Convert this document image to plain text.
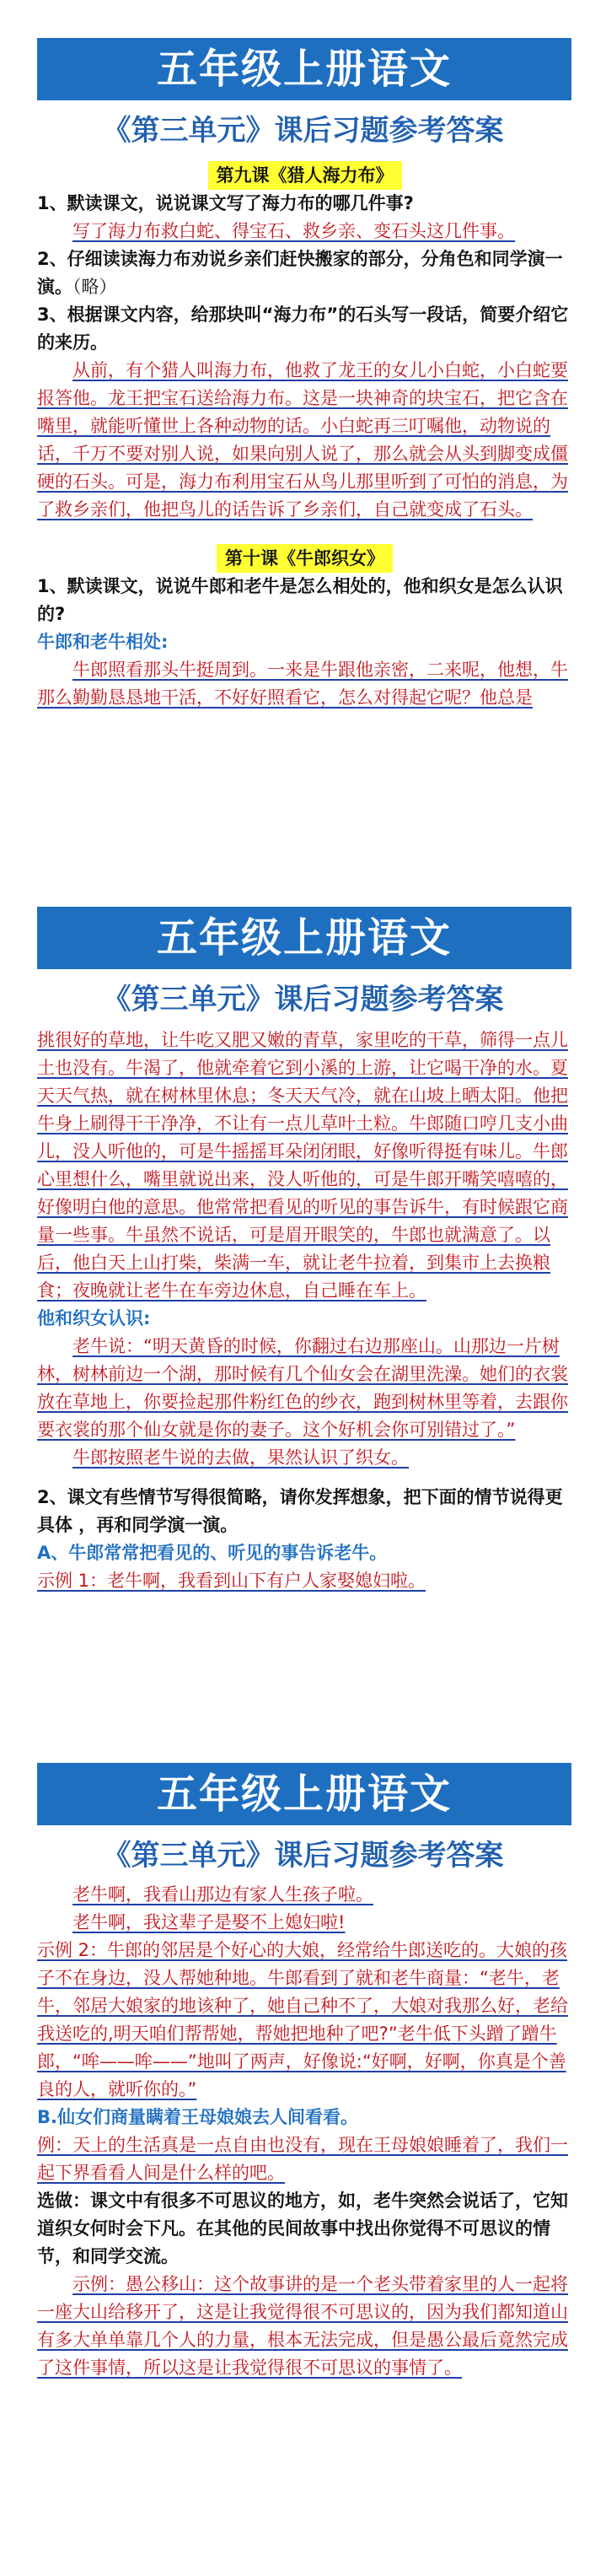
五年级上册语文
《第三单元》课后习题参考答案
第九课《猎人海力布》

1、默读课文，说说课文写了海力布的哪几件事?

写了海力布救白蛇、得宝石、救乡亲、变石头这几件事。

2、仔细读读海力布劝说乡亲们赶快搬家的部分，分角色和同学演一演。（略）

3、根据课文内容，给那块叫“海力布”的石头写一段话，简要介绍它的来历。

从前，有个猎人叫海力布，他救了龙王的女儿小白蛇，小白蛇要报答他。龙王把宝石送给海力布。这是一块神奇的块宝石，把它含在嘴里，就能听懂世上各种动物的话。小白蛇再三叮嘱他，动物说的话，千万不要对别人说，如果向别人说了，那么就会从头到脚变成僵硬的石头。可是，海力布利用宝石从鸟儿那里听到了可怕的消息，为了救乡亲们，他把鸟儿的话告诉了乡亲们，自己就变成了石头。

第十课《牛郎织女》

1、默读课文，说说牛郎和老牛是怎么相处的，他和织女是怎么认识的?

牛郎和老牛相处:

牛郎照看那头牛挺周到。一来是牛跟他亲密，二来呢，他想，牛那么勤勤恳恳地干活，不好好照看它，怎么对得起它呢？他总是

五年级上册语文
《第三单元》课后习题参考答案

挑很好的草地，让牛吃又肥又嫩的青草，家里吃的干草，筛得一点儿土也没有。牛渴了，他就牵着它到小溪的上游，让它喝干净的水。夏天天气热，就在树林里休息；冬天天气冷，就在山坡上晒太阳。他把牛身上刷得干干净净，不让有一点儿草叶土粒。牛郎随口哼几支小曲儿，没人听他的，可是牛摇摇耳朵闭闭眼，好像听得挺有味儿。牛郎心里想什么，嘴里就说出来，没人听他的，可是牛郎开嘴笑嘻嘻的，好像明白他的意思。他常常把看见的听见的事告诉牛，有时候跟它商量一些事。牛虽然不说话，可是眉开眼笑的，牛郎也就满意了。以后，他白天上山打柴，柴满一车，就让老牛拉着，到集市上去换粮食；夜晚就让老牛在车旁边休息，自己睡在车上。

他和织女认识:

老牛说：“明天黄昏的时候，你翻过右边那座山。山那边一片树林，树林前边一个湖，那时候有几个仙女会在湖里洗澡。她们的衣裳放在草地上，你要捡起那件粉红色的纱衣，跑到树林里等着，去跟你要衣裳的那个仙女就是你的妻子。这个好机会你可别错过了。”

牛郎按照老牛说的去做，果然认识了织女。

2、课文有些情节写得很简略，请你发挥想象，把下面的情节说得更具体 ，再和同学演一演。

A、牛郎常常把看见的、听见的事告诉老牛。

示例 1：老牛啊，我看到山下有户人家娶媳妇啦。

五年级上册语文
《第三单元》课后习题参考答案

老牛啊，我看山那边有家人生孩子啦。

老牛啊，我这辈子是娶不上媳妇啦!

示例 2：牛郎的邻居是个好心的大娘，经常给牛郎送吃的。大娘的孩子不在身边，没人帮她种地。牛郎看到了就和老牛商量：“老牛，老牛，邻居大娘家的地该种了，她自己种不了，大娘对我那么好，老给我送吃的,明天咱们帮帮她，帮她把地种了吧?”老牛低下头蹭了蹭牛郎，“哞——哞——”地叫了两声，好像说:“好啊，好啊，你真是个善良的人，就听你的。”

B.仙女们商量瞒着王母娘娘去人间看看。

例：天上的生活真是一点自由也没有，现在王母娘娘睡着了，我们一起下界看看人间是什么样的吧。

选做：课文中有很多不可思议的地方，如，老牛突然会说话了，它知道织女何时会下凡。在其他的民间故事中找出你觉得不可思议的情节，和同学交流。

示例：愚公移山：这个故事讲的是一个老头带着家里的人一起将一座大山给移开了，这是让我觉得很不可思议的，因为我们都知道山有多大单单靠几个人的力量，根本无法完成，但是愚公最后竟然完成了这件事情，所以这是让我觉得很不可思议的事情了。
